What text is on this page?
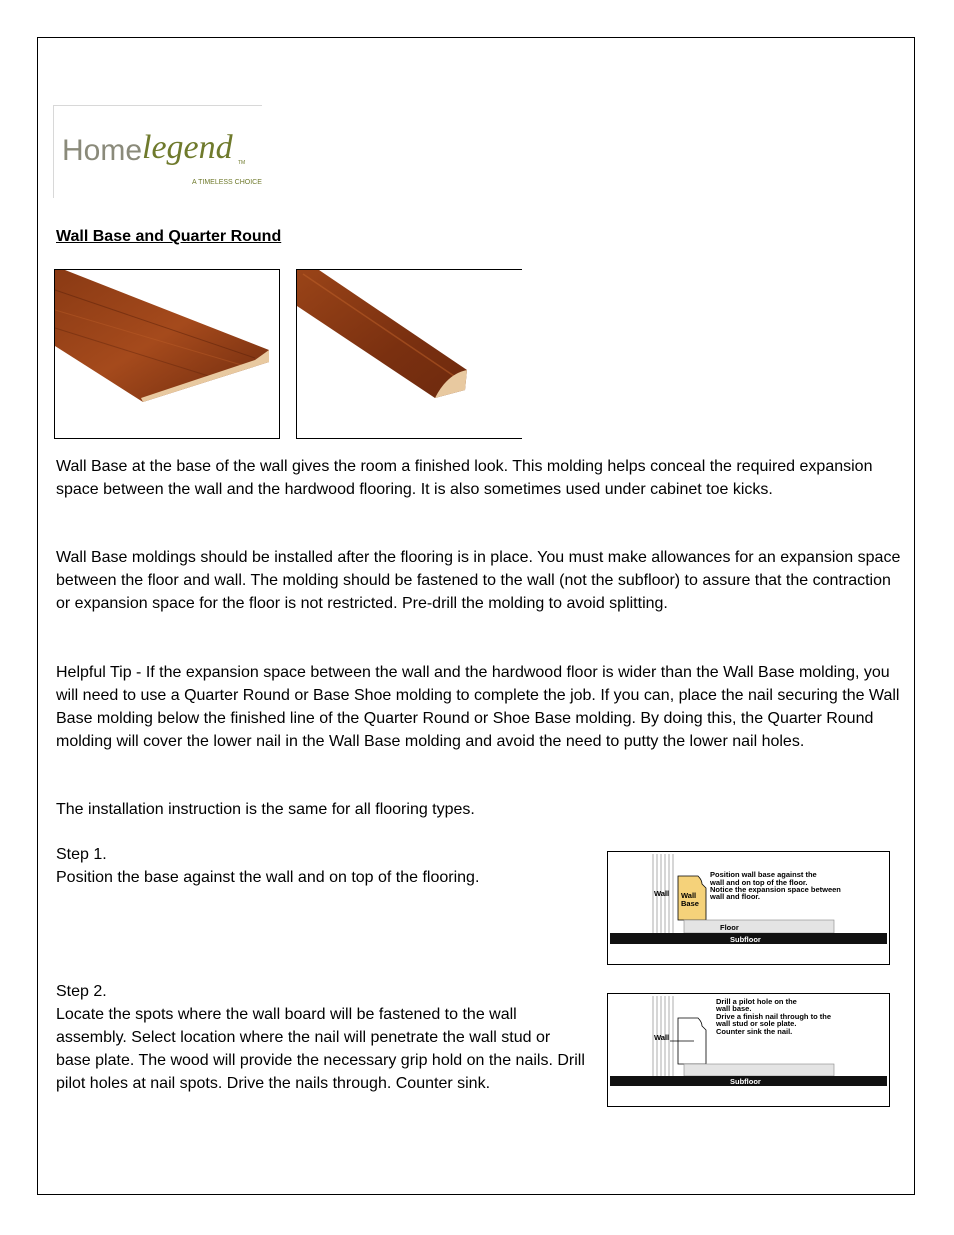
Home legend TM
A TIMELESS CHOICE
Wall Base and Quarter Round

Wall Base at the base of the wall gives the room a finished look. This molding helps conceal the required expansion space between the wall and the hardwood flooring. It is also sometimes used under cabinet toe kicks.

Wall Base moldings should be installed after the flooring is in place. You must make allowances for an expansion space between the floor and wall. The molding should be fastened to the wall (not the subfloor) to assure that the contraction or expansion space for the floor is not restricted. Pre-drill the molding to avoid splitting.

Helpful Tip - If the expansion space between the wall and the hardwood floor is wider than the Wall Base molding, you will need to use a Quarter Round or Base Shoe molding to complete the job. If you can, place the nail securing the Wall Base molding below the finished line of the Quarter Round or Shoe Base molding. By doing this, the Quarter Round molding will cover the lower nail in the Wall Base molding and avoid the need to putty the lower nail holes.

The installation instruction is the same for all flooring types.

Step 1.

Position the base against the wall and on top of the flooring.

Wall Wall
Base
Floor
Subfloor
Position wall base against the
wall and on top of the floor.
Notice the expansion space between
wall and floor.

Step 2.

Locate the spots where the wall board will be fastened to the wall assembly. Select location where the nail will penetrate the wall stud or base plate. The wood will provide the necessary grip hold on the nails. Drill pilot holes at nail spots. Drive the nails through. Counter sink.

Wall
Subfloor
Drill a pilot hole on the
wall base.
Drive a finish nail through to the
wall stud or sole plate.
Counter sink the nail.
